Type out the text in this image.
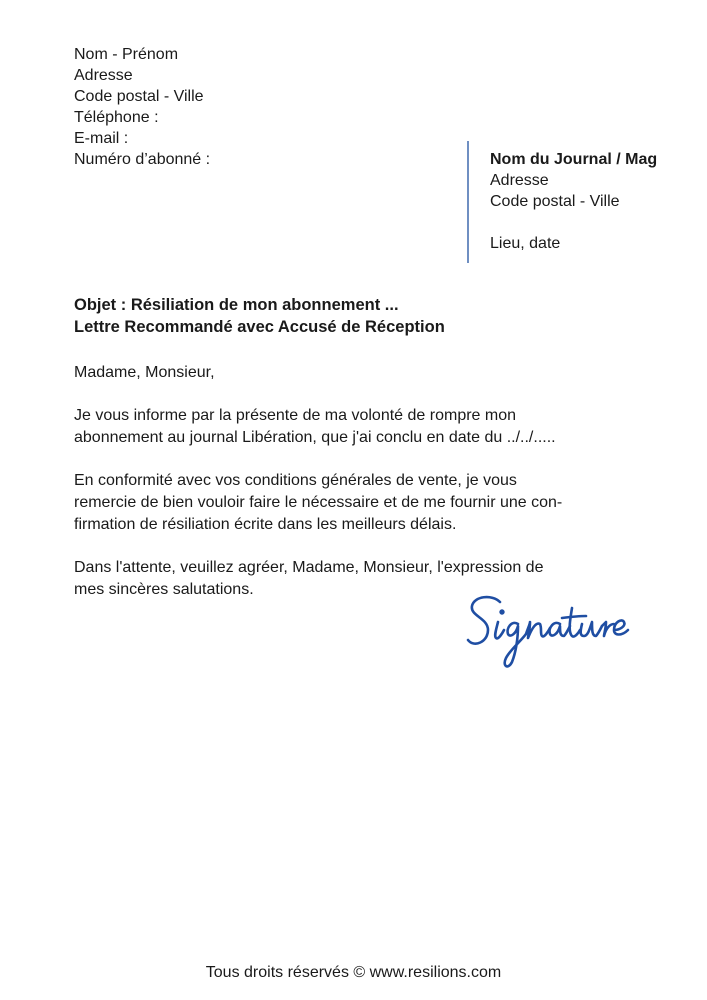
Nom - Prénom
Adresse
Code postal - Ville
Téléphone :
E-mail :
Numéro d’abonné :	Nom du Journal / Mag
Adresse
Code postal - Ville
Lieu, date
Objet : Résiliation de mon abonnement ...
Lettre Recommandé avec Accusé de Réception

Madame, Monsieur,

Je vous informe par la présente de ma volonté de rompre mon
abonnement au journal Libération, que j'ai conclu en date du ../../.....

En conformité avec vos conditions générales de vente, je vous
remercie de bien vouloir faire le nécessaire et de me fournir une con-
firmation de résiliation écrite dans les meilleurs délais.

Dans l'attente, veuillez agréer, Madame, Monsieur, l'expression de
mes sincères salutations.

Tous droits réservés © www.resilions.com
